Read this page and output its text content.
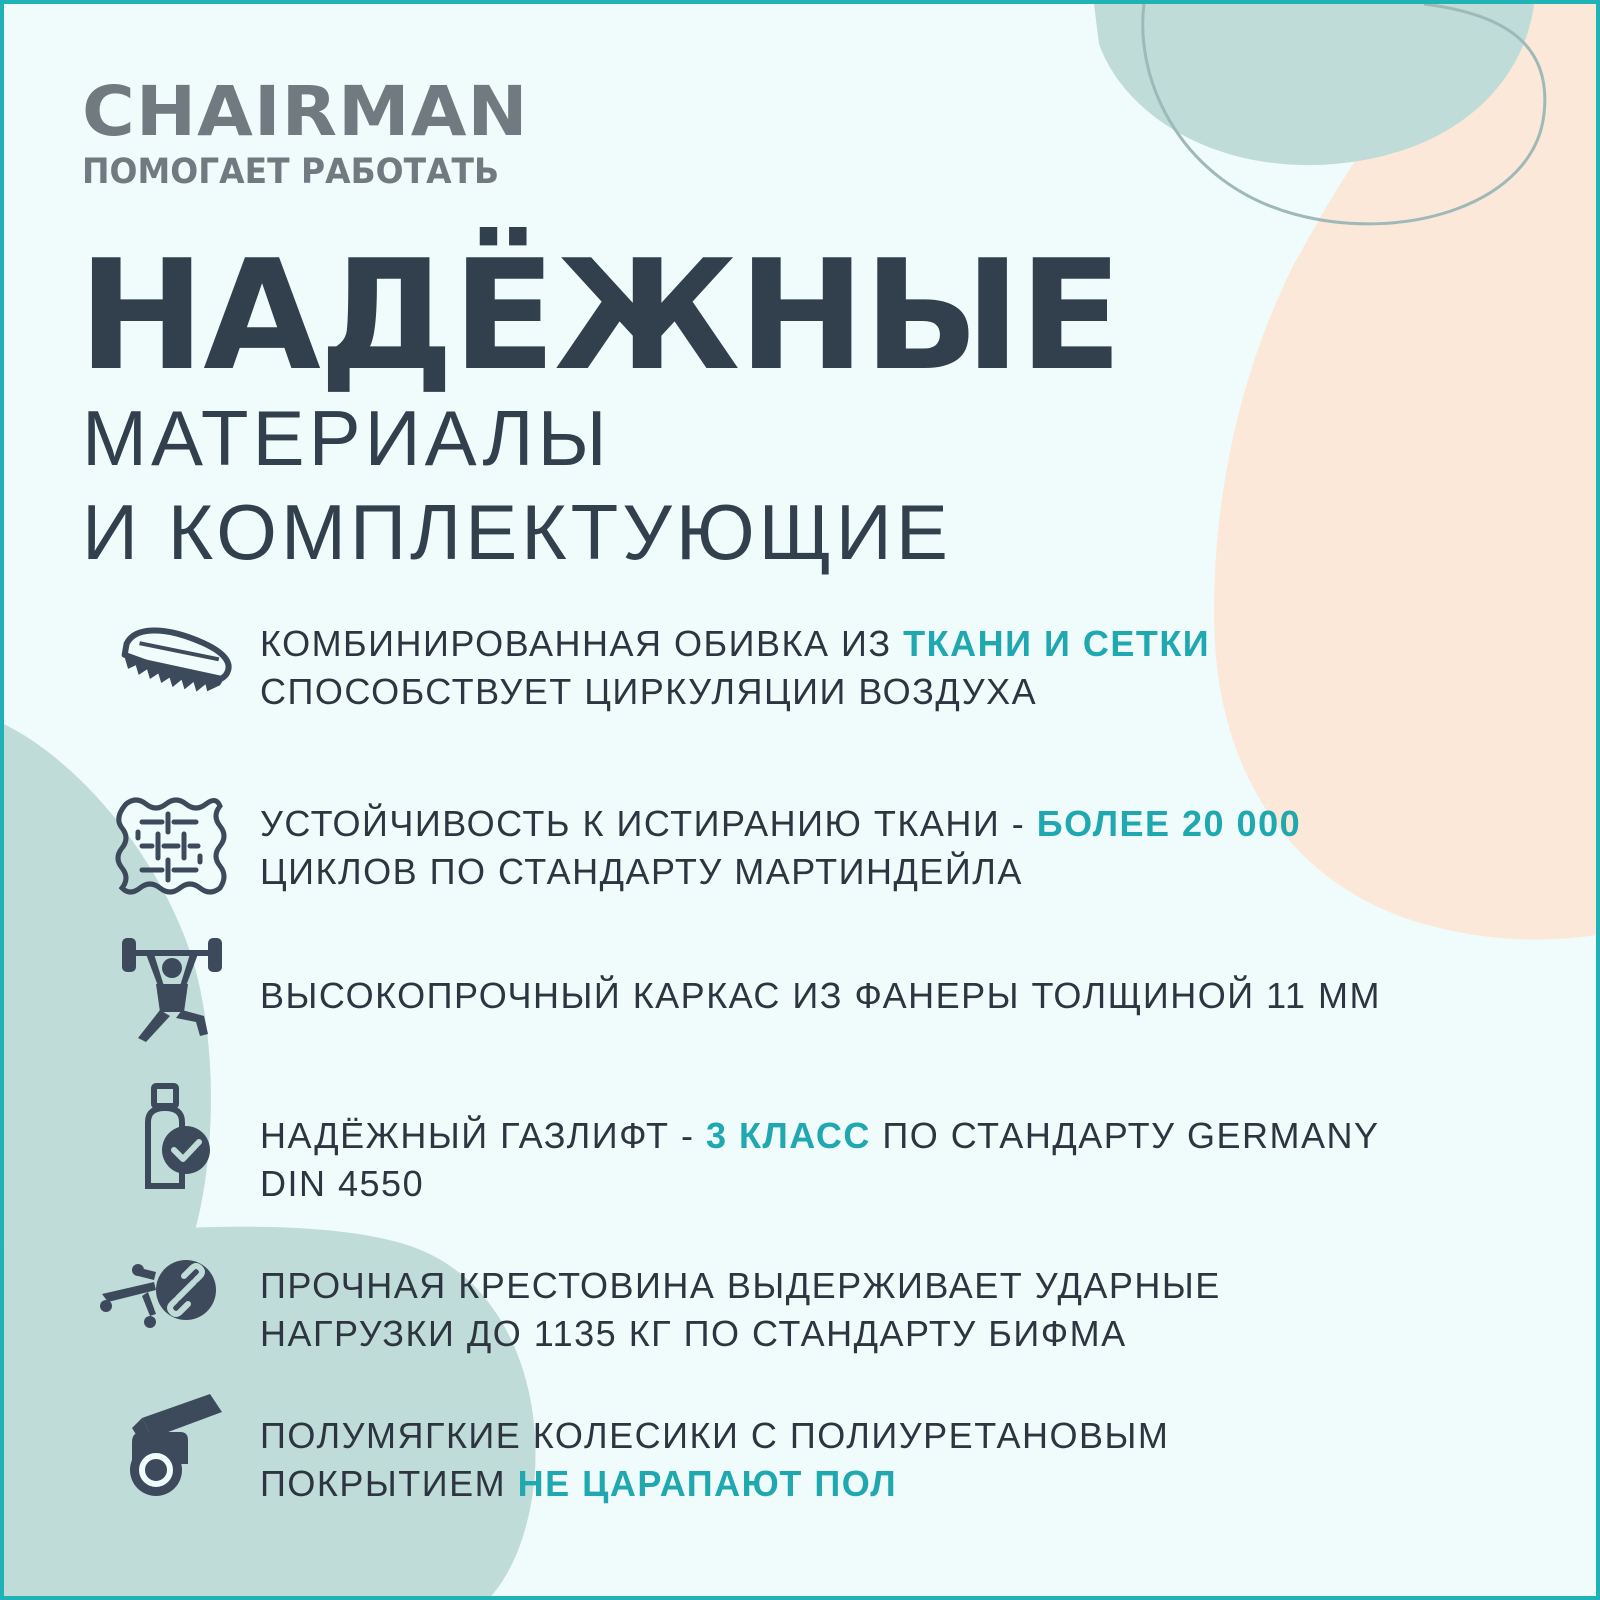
CHAIRMAN
ПОМОГАЕТ РАБОТАТЬ
НАДЁЖНЫЕ
МАТЕРИАЛЫ
И КОМПЛЕКТУЮЩИЕ
КОМБИНИРОВАННАЯ ОБИВКА ИЗ ТКАНИ И СЕТКИ
СПОСОБСТВУЕТ ЦИРКУЛЯЦИИ ВОЗДУХА
УСТОЙЧИВОСТЬ К ИСТИРАНИЮ ТКАНИ - БОЛЕЕ 20 000
ЦИКЛОВ ПО СТАНДАРТУ МАРТИНДЕЙЛА
ВЫСОКОПРОЧНЫЙ КАРКАС ИЗ ФАНЕРЫ ТОЛЩИНОЙ 11 ММ
НАДЁЖНЫЙ ГАЗЛИФТ - 3 КЛАСС ПО СТАНДАРТУ GERMANY
DIN 4550
ПРОЧНАЯ КРЕСТОВИНА ВЫДЕРЖИВАЕТ УДАРНЫЕ
НАГРУЗКИ ДО 1135 КГ ПО СТАНДАРТУ БИФМА
ПОЛУМЯГКИЕ КОЛЕСИКИ С ПОЛИУРЕТАНОВЫМ
ПОКРЫТИЕМ НЕ ЦАРАПАЮТ ПОЛ
